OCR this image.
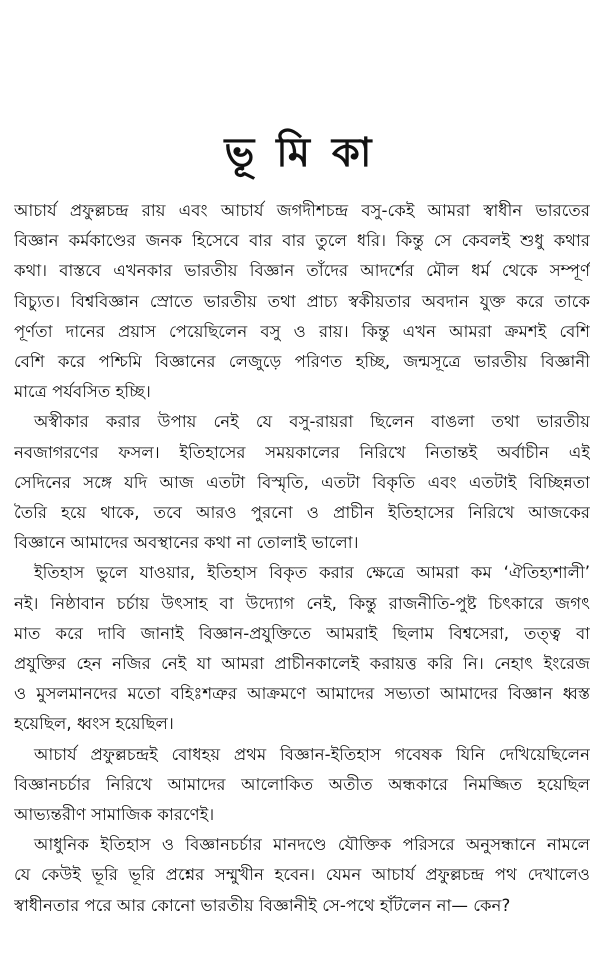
ভূ মি কা

আচার্য প্রফুল্লচন্দ্র রায় এবং আচার্য জগদীশচন্দ্র বসু-কেই আমরা স্বাধীন ভারতের

বিজ্ঞান কর্মকাণ্ডের জনক হিসেবে বার বার তুলে ধরি। কিন্তু সে কেবলই শুধু কথার

কথা। বাস্তবে এখনকার ভারতীয় বিজ্ঞান তাঁদের আদর্শের মৌল ধর্ম থেকে সম্পূর্ণ

বিচ্যুত। বিশ্ববিজ্ঞান স্রোতে ভারতীয় তথা প্রাচ্য স্বকীয়তার অবদান যুক্ত করে তাকে

পূর্ণতা দানের প্রয়াস পেয়েছিলেন বসু ও রায়। কিন্তু এখন আমরা ক্রমশই বেশি

বেশি করে পশ্চিমি বিজ্ঞানের লেজুড়ে পরিণত হচ্ছি, জন্মসূত্রে ভারতীয় বিজ্ঞানী

মাত্রে পর্যবসিত হচ্ছি।

অস্বীকার করার উপায় নেই যে বসু-রায়রা ছিলেন বাঙলা তথা ভারতীয়

নবজাগরণের ফসল। ইতিহাসের সময়কালের নিরিখে নিতান্তই অর্বাচীন এই

সেদিনের সঙ্গে যদি আজ এতটা বিস্মৃতি, এতটা বিকৃতি এবং এতটাই বিচ্ছিন্নতা

তৈরি হয়ে থাকে, তবে আরও পুরনো ও প্রাচীন ইতিহাসের নিরিখে আজকের

বিজ্ঞানে আমাদের অবস্থানের কথা না তোলাই ভালো।

ইতিহাস ভুলে যাওয়ার, ইতিহাস বিকৃত করার ক্ষেত্রে আমরা কম ‘ঐতিহ্যশালী’

নই। নিষ্ঠাবান চর্চায় উৎসাহ বা উদ্যোগ নেই, কিন্তু রাজনীতি-পুষ্ট চিৎকারে জগৎ

মাত করে দাবি জানাই বিজ্ঞান-প্রযুক্তিতে আমরাই ছিলাম বিশ্বসেরা, তত্ত্ব বা

প্রযুক্তির হেন নজির নেই যা আমরা প্রাচীনকালেই করায়ত্ত করি নি। নেহাৎ ইংরেজ

ও মুসলমানদের মতো বহিঃশত্রুর আক্রমণে আমাদের সভ্যতা আমাদের বিজ্ঞান ধ্বস্ত

হয়েছিল, ধ্বংস হয়েছিল।

আচার্য প্রফুল্লচন্দ্রই বোধহয় প্রথম বিজ্ঞান-ইতিহাস গবেষক যিনি দেখিয়েছিলেন

বিজ্ঞানচর্চার নিরিখে আমাদের আলোকিত অতীত অন্ধকারে নিমজ্জিত হয়েছিল

আভ্যন্তরীণ সামাজিক কারণেই।

আধুনিক ইতিহাস ও বিজ্ঞানচর্চার মানদণ্ডে যৌক্তিক পরিসরে অনুসন্ধানে নামলে

যে কেউই ভূরি ভূরি প্রশ্নের সম্মুখীন হবেন। যেমন আচার্য প্রফুল্লচন্দ্র পথ দেখালেও

স্বাধীনতার পরে আর কোনো ভারতীয় বিজ্ঞানীই সে-পথে হাঁটলেন না— কেন?
